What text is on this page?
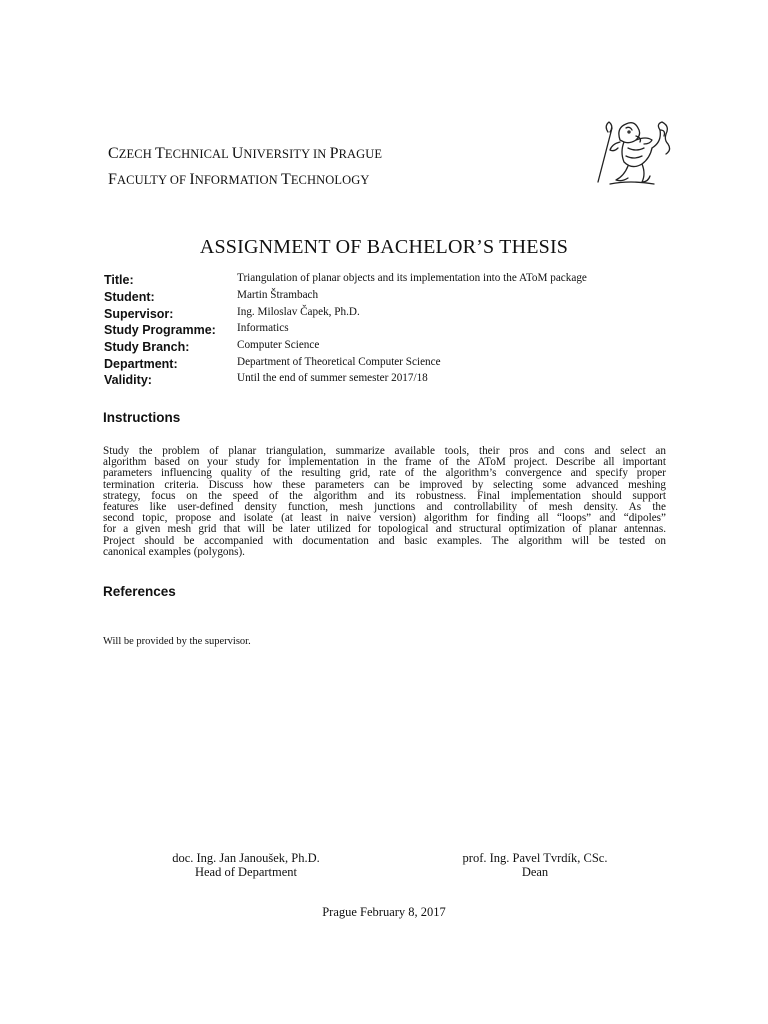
CZECH TECHNICAL UNIVERSITY IN PRAGUE
FACULTY OF INFORMATION TECHNOLOGY
ASSIGNMENT OF BACHELOR’S THESIS
Title:	Triangulation of planar objects and its implementation into the AToM package
Student:	Martin Štrambach
Supervisor:	Ing. Miloslav Čapek, Ph.D.
Study Programme: Informatics
Study Branch:	Computer Science
Department:	Department of Theoretical Computer Science
Validity:	Until the end of summer semester 2017/18
Instructions
Study the problem of planar triangulation, summarize available tools, their pros and cons and select an
algorithm based on your study for implementation in the frame of the AToM project. Describe all important
parameters influencing quality of the resulting grid, rate of the algorithm’s convergence and specify proper
termination criteria. Discuss how these parameters can be improved by selecting some advanced meshing
strategy, focus on the speed of the algorithm and its robustness. Final implementation should support
features like user-defined density function, mesh junctions and controllability of mesh density. As the
second topic, propose and isolate (at least in naive version) algorithm for finding all “loops” and “dipoles”
for a given mesh grid that will be later utilized for topological and structural optimization of planar antennas.
Project should be accompanied with documentation and basic examples. The algorithm will be tested on
canonical examples (polygons).
References
Will be provided by the supervisor.
doc. Ing. Jan Janoušek, Ph.D.
Head of Department
prof. Ing. Pavel Tvrdík, CSc.
Dean
Prague February 8, 2017
